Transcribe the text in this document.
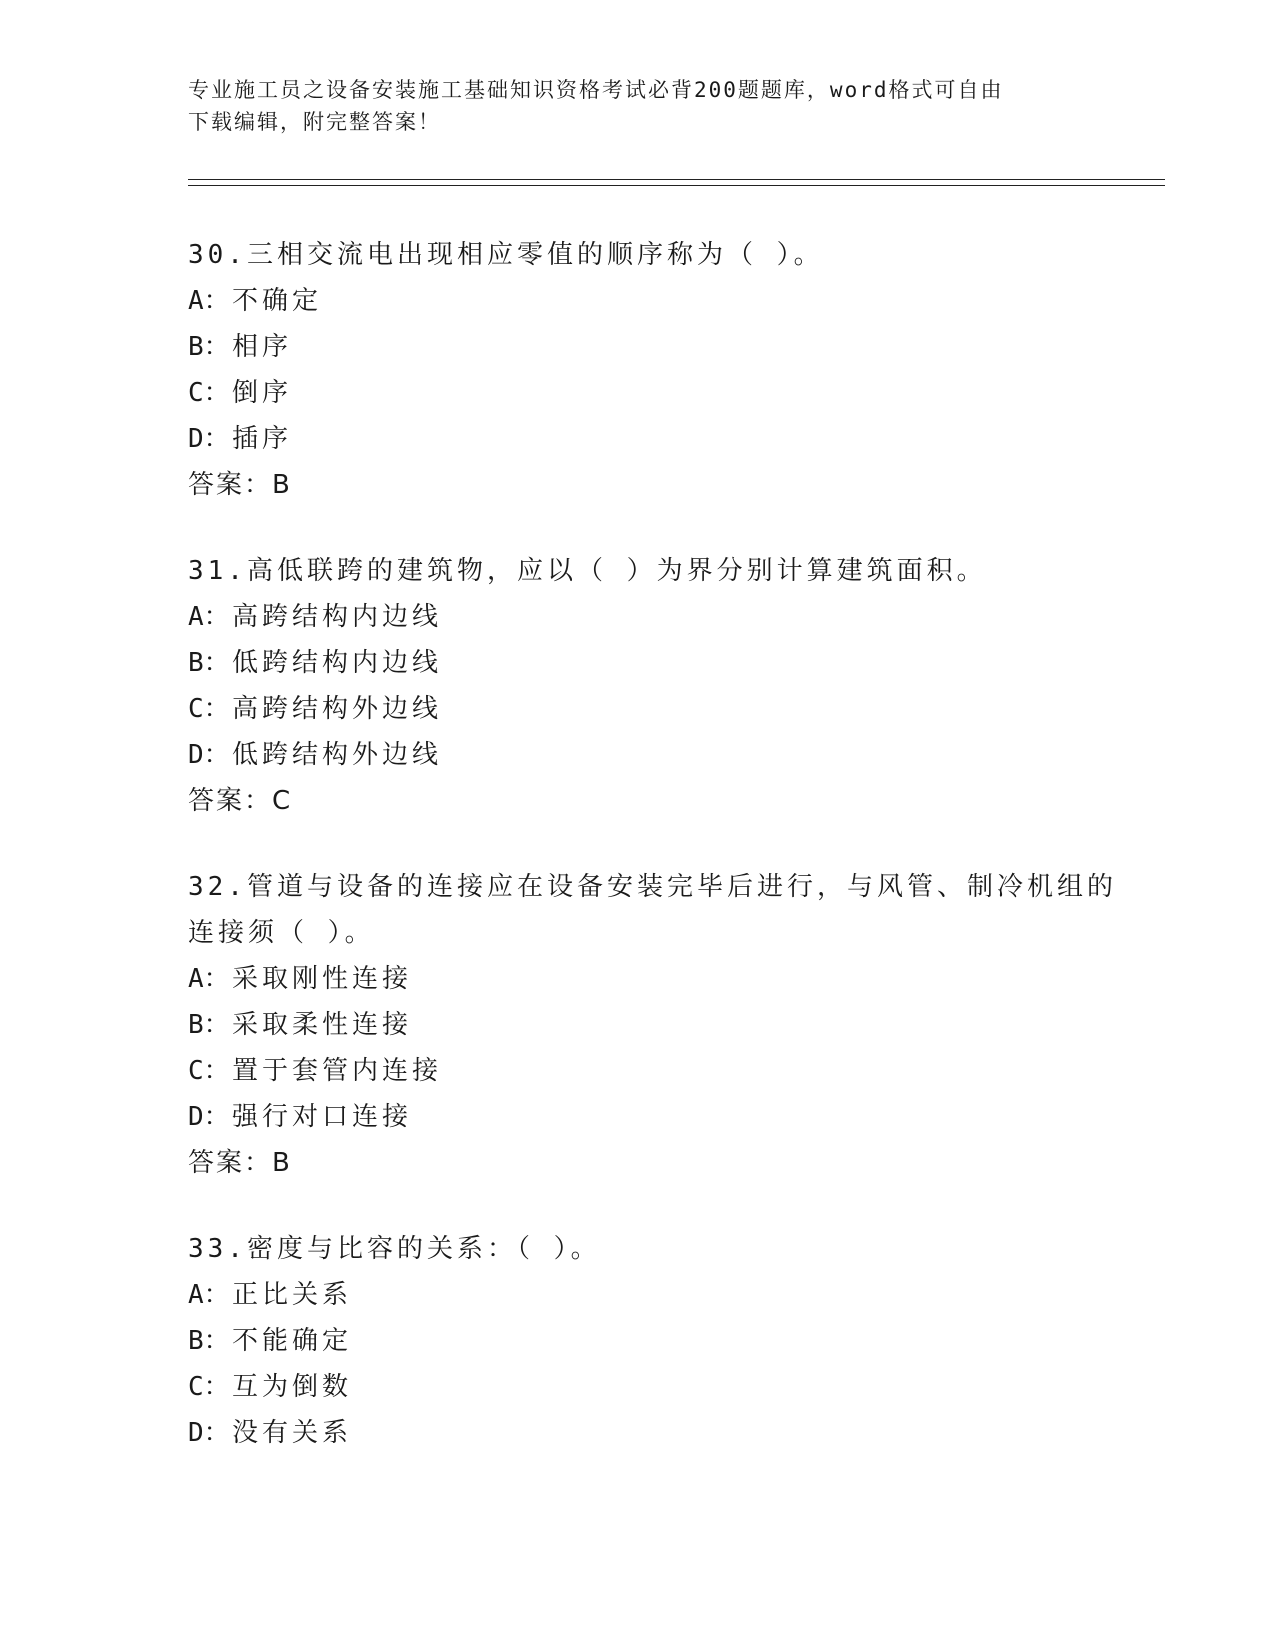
专业施工员之设备安装施工基础知识资格考试必背200题题库，word格式可自由
下载编辑，附完整答案！
30.三相交流电出现相应零值的顺序称为（ ）。
A：不确定
B：相序
C：倒序
D：插序
答案：B
31.高低联跨的建筑物，应以（ ）为界分别计算建筑面积。
A：高跨结构内边线
B：低跨结构内边线
C：高跨结构外边线
D：低跨结构外边线
答案：C
32.管道与设备的连接应在设备安装完毕后进行，与风管、制冷机组的
连接须（ ）。
A：采取刚性连接
B：采取柔性连接
C：置于套管内连接
D：强行对口连接
答案：B
33.密度与比容的关系：（ ）。
A：正比关系
B：不能确定
C：互为倒数
D：没有关系
